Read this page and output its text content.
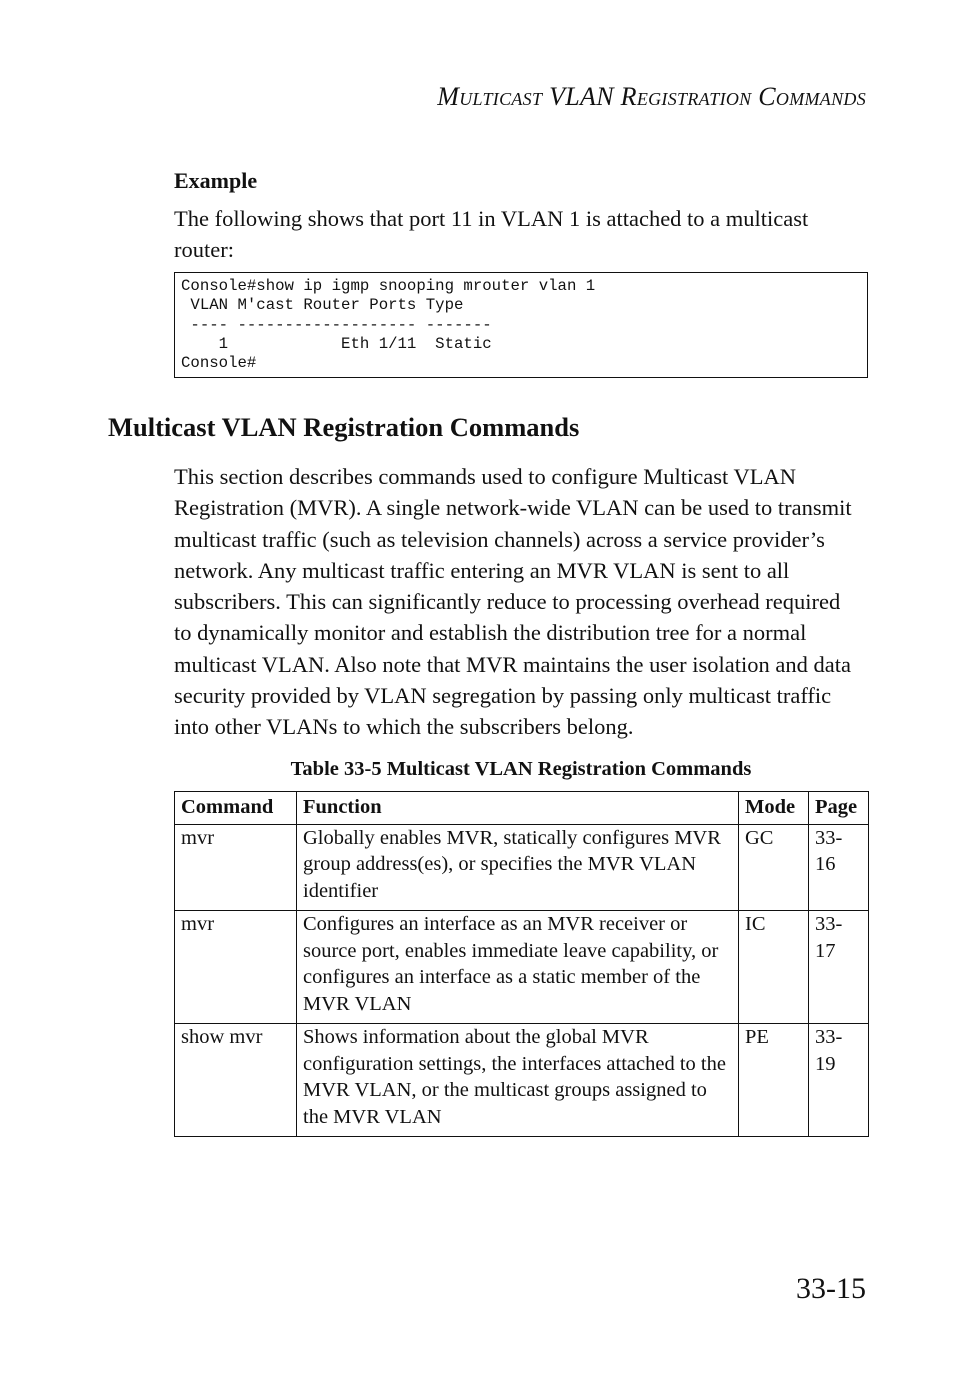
Multicast VLAN Registration Commands
Example

The following shows that port 11 in VLAN 1 is attached to a multicast router:

Console#show ip igmp snooping mrouter vlan 1
VLAN M'cast Router Ports Type
---- ------------------- -------
1            Eth 1/11  Static
Console#
Multicast VLAN Registration Commands

This section describes commands used to configure Multicast VLAN
Registration (MVR). A single network-wide VLAN can be used to transmit
multicast traffic (such as television channels) across a service provider’s
network. Any multicast traffic entering an MVR VLAN is sent to all
subscribers. This can significantly reduce to processing overhead required
to dynamically monitor and establish the distribution tree for a normal
multicast VLAN. Also note that MVR maintains the user isolation and data
security provided by VLAN segregation by passing only multicast traffic
into other VLANs to which the subscribers belong.

Table 33-5 Multicast VLAN Registration Commands
Command	Function	Mode	Page
mvr	Globally enables MVR, statically configures MVR group address(es), or specifies the MVR VLAN identifier	GC	33-16
mvr	Configures an interface as an MVR receiver or source port, enables immediate leave capability, or configures an interface as a static member of the MVR VLAN	IC	33-17
show mvr	Shows information about the global MVR configuration settings, the interfaces attached to the MVR VLAN, or the multicast groups assigned to the MVR VLAN	PE	33-19
33-15
